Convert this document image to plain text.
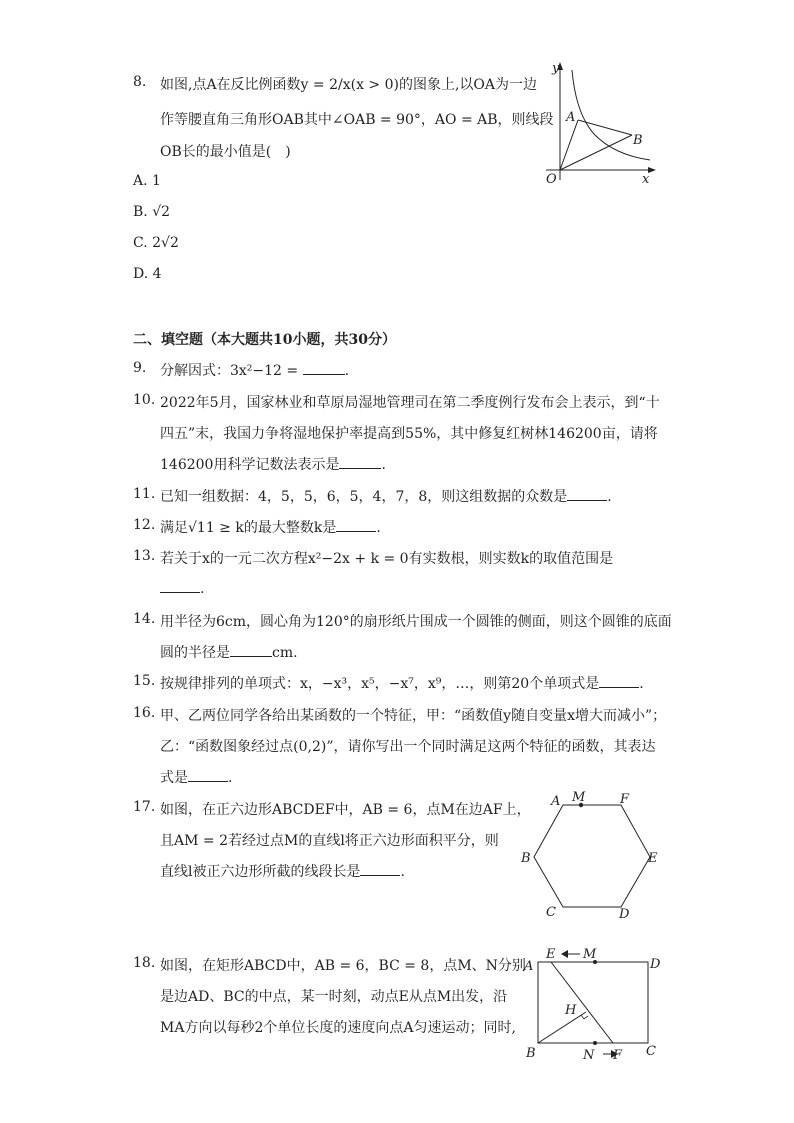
8. 如图,点A在反比例函数y = 2/x(x > 0)的图象上,以OA为一边
作等腰直角三角形OAB其中∠OAB = 90°，AO = AB，则线段
OB长的最小值是(　)
A. 1
B. √2
C. 2√2
D. 4
y
x
O
A
B
二、填空题（本大题共10小题，共30分）
9. 分解因式：3x²−12 =	.
10. 2022年5月，国家林业和草原局湿地管理司在第二季度例行发布会上表示，到“十
四五”末，我国力争将湿地保护率提高到55%，其中修复红树林146200亩，请将
146200用科学记数法表示是	.
11. 已知一组数据：4，5，5，6，5，4，7，8，则这组数据的众数是	.
12. 满足√11 ≥ k的最大整数k是	.
13. 若关于x的一元二次方程x²−2x + k = 0有实数根，则实数k的取值范围是
.
14. 用半径为6cm，圆心角为120°的扇形纸片围成一个圆锥的侧面，则这个圆锥的底面
圆的半径是	cm.
15. 按规律排列的单项式：x，−x³，x⁵，−x⁷，x⁹，…，则第20个单项式是	.
16. 甲、乙两位同学各给出某函数的一个特征，甲：“函数值y随自变量x增大而减小”；
乙：“函数图象经过点(0,2)”，请你写出一个同时满足这两个特征的函数，其表达
式是	.
17. 如图，在正六边形ABCDEF中，AB = 6，点M在边AF上，
且AM = 2若经过点M的直线l将正六边形面积平分，则
直线l被正六边形所截的线段长是	.
A M	F
B	E
C	D
18. 如图，在矩形ABCD中，AB = 6，BC = 8，点M、N分别
是边AD、BC的中点，某一时刻，动点E从点M出发，沿
MA方向以每秒2个单位长度的速度向点A匀速运动；同时,
A
E M
D
H
B	N F C
